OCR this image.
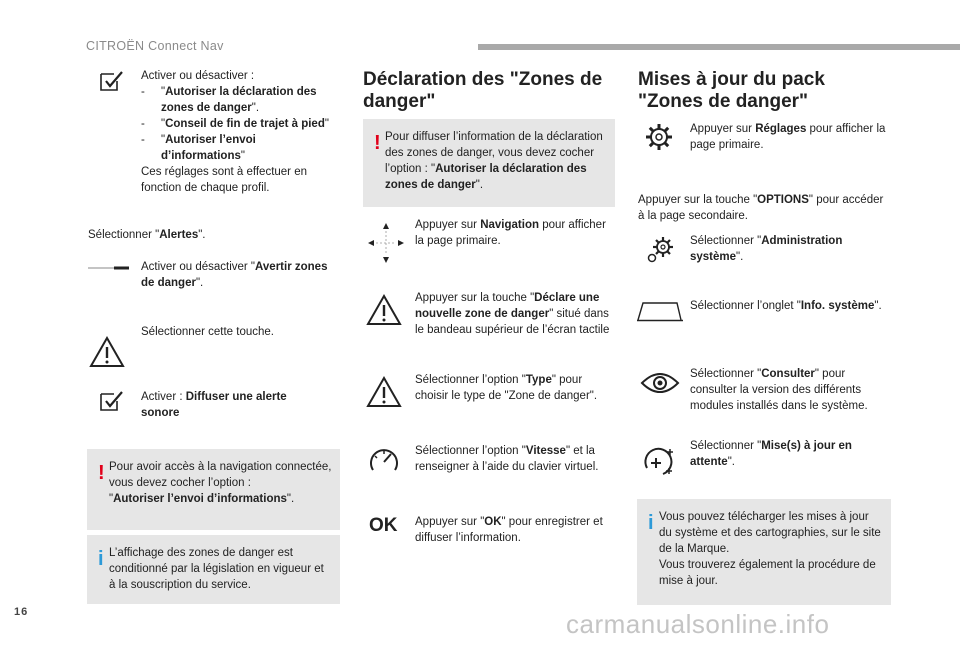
CITROËN Connect Nav
16	carmanualsonline.info
Activer ou désactiver :
-	"Autoriser la déclaration des zones de danger".
-	"Conseil de fin de trajet à pied"
-	"Autoriser l’envoi d’informations"
Ces réglages sont à effectuer en fonction de chaque profil.
Sélectionner "Alertes".
Activer ou désactiver "Avertir zones de danger".
Sélectionner cette touche.
Activer : Diffuser une alerte sonore
! Pour avoir accès à la navigation connectée, vous devez cocher l’option :
"Autoriser l’envoi d’informations".
i L’affichage des zones de danger est conditionné par la législation en vigueur et à la souscription du service.
Déclaration des "Zones de danger"
! Pour diffuser l’information de la déclaration des zones de danger, vous devez cocher l’option : "Autoriser la déclaration des zones de danger".
Appuyer sur Navigation pour afficher la page primaire.
Appuyer sur la touche "Déclare une nouvelle zone de danger" situé dans le bandeau supérieur de l’écran tactile
Sélectionner l’option "Type" pour choisir le type de "Zone de danger".
Sélectionner l’option "Vitesse" et la renseigner à l’aide du clavier virtuel.
OK Appuyer sur "OK" pour enregistrer et diffuser l’information.
Mises à jour du pack "Zones de danger"
Appuyer sur Réglages pour afficher la page primaire.
Appuyer sur la touche "OPTIONS" pour accéder à la page secondaire.
Sélectionner "Administration système".
Sélectionner l’onglet "Info. système".
Sélectionner "Consulter" pour consulter la version des différents modules installés dans le système.
Sélectionner "Mise(s) à jour en attente".
i Vous pouvez télécharger les mises à jour du système et des cartographies, sur le site de la Marque.
Vous trouverez également la procédure de mise à jour.
